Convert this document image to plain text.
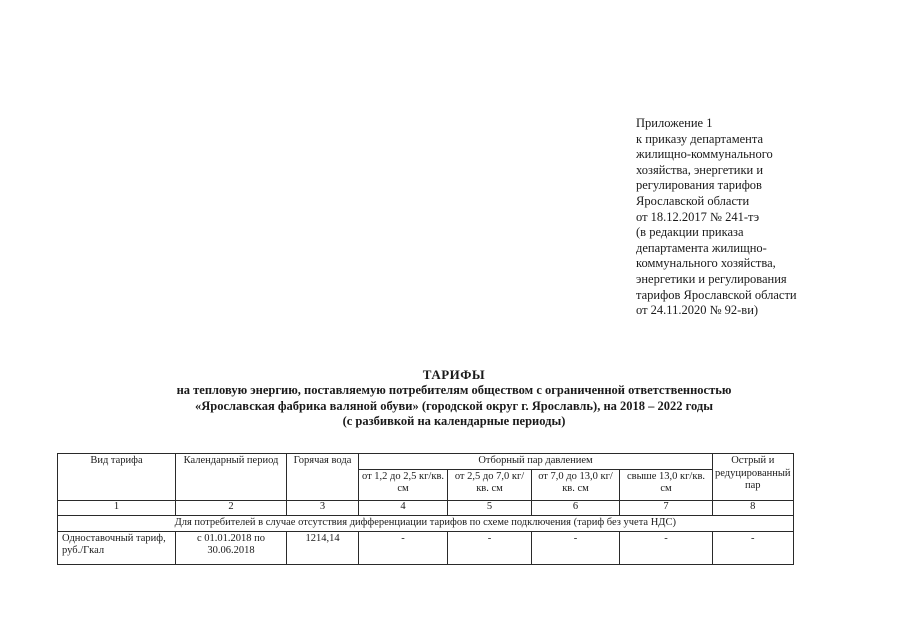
Приложение 1
к приказу департамента
жилищно-коммунального
хозяйства, энергетики и
регулирования тарифов
Ярославской области
от 18.12.2017 № 241-тэ
(в редакции приказа
департамента жилищно-
коммунального хозяйства,
энергетики и регулирования
тарифов Ярославской области
от 24.11.2020 № 92-ви)
ТАРИФЫ
на тепловую энергию, поставляемую потребителям обществом с ограниченной ответственностью
«Ярославская фабрика валяной обуви» (городской округ г. Ярославль), на 2018 – 2022 годы
(с разбивкой на календарные периоды)
Вид тарифа	Календарный период	Горячая вода	Отборный пар давлением				Острый и редуцированный пар
			от 1,2 до 2,5 кг/кв. см	от 2,5 до 7,0 кг/кв. см	от 7,0 до 13,0 кг/кв. см	свыше 13,0 кг/кв. см	
1	2	3	4	5	6	7	8
Для потребителей в случае отсутствия дифференциации тарифов по схеме подключения (тариф без учета НДС)							
Одноставочный тариф, руб./Гкал	с 01.01.2018 по 30.06.2018	1214,14	-	-	-	-	-
